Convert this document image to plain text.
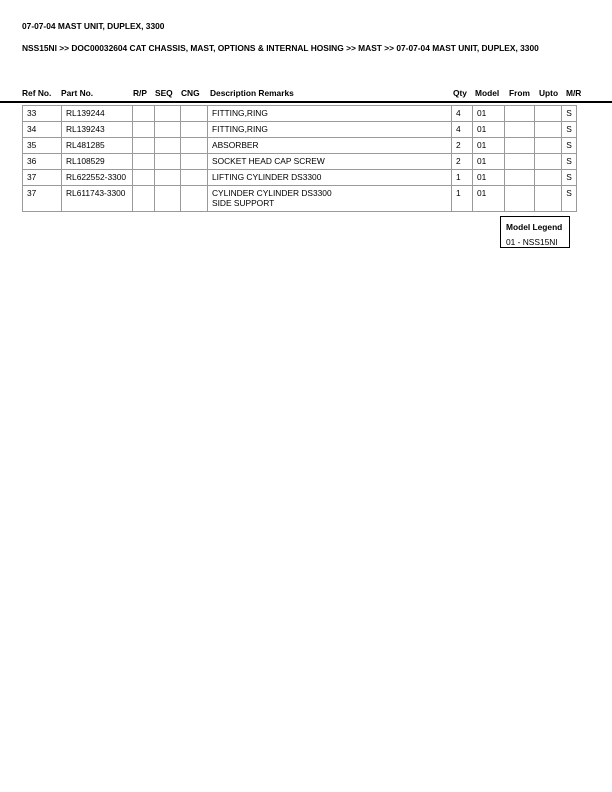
07-07-04 MAST UNIT, DUPLEX, 3300
NSS15NI >> DOC00032604 CAT CHASSIS, MAST, OPTIONS & INTERNAL HOSING >> MAST >> 07-07-04 MAST UNIT, DUPLEX, 3300
Ref No. Part No.	R/P SEQ CNG Description Remarks	Qty Model From Upto M/R
33	RL139244				FITTING,RING	4	01			S
34	RL139243				FITTING,RING	4	01			S
35	RL481285				ABSORBER	2	01			S
36	RL108529				SOCKET HEAD CAP SCREW	2	01			S
37	RL622552-3300				LIFTING CYLINDER DS3300	1	01			S
37	RL611743-3300				CYLINDER CYLINDER DS3300
SIDE SUPPORT	1	01			S
Model Legend
01 - NSS15NI
